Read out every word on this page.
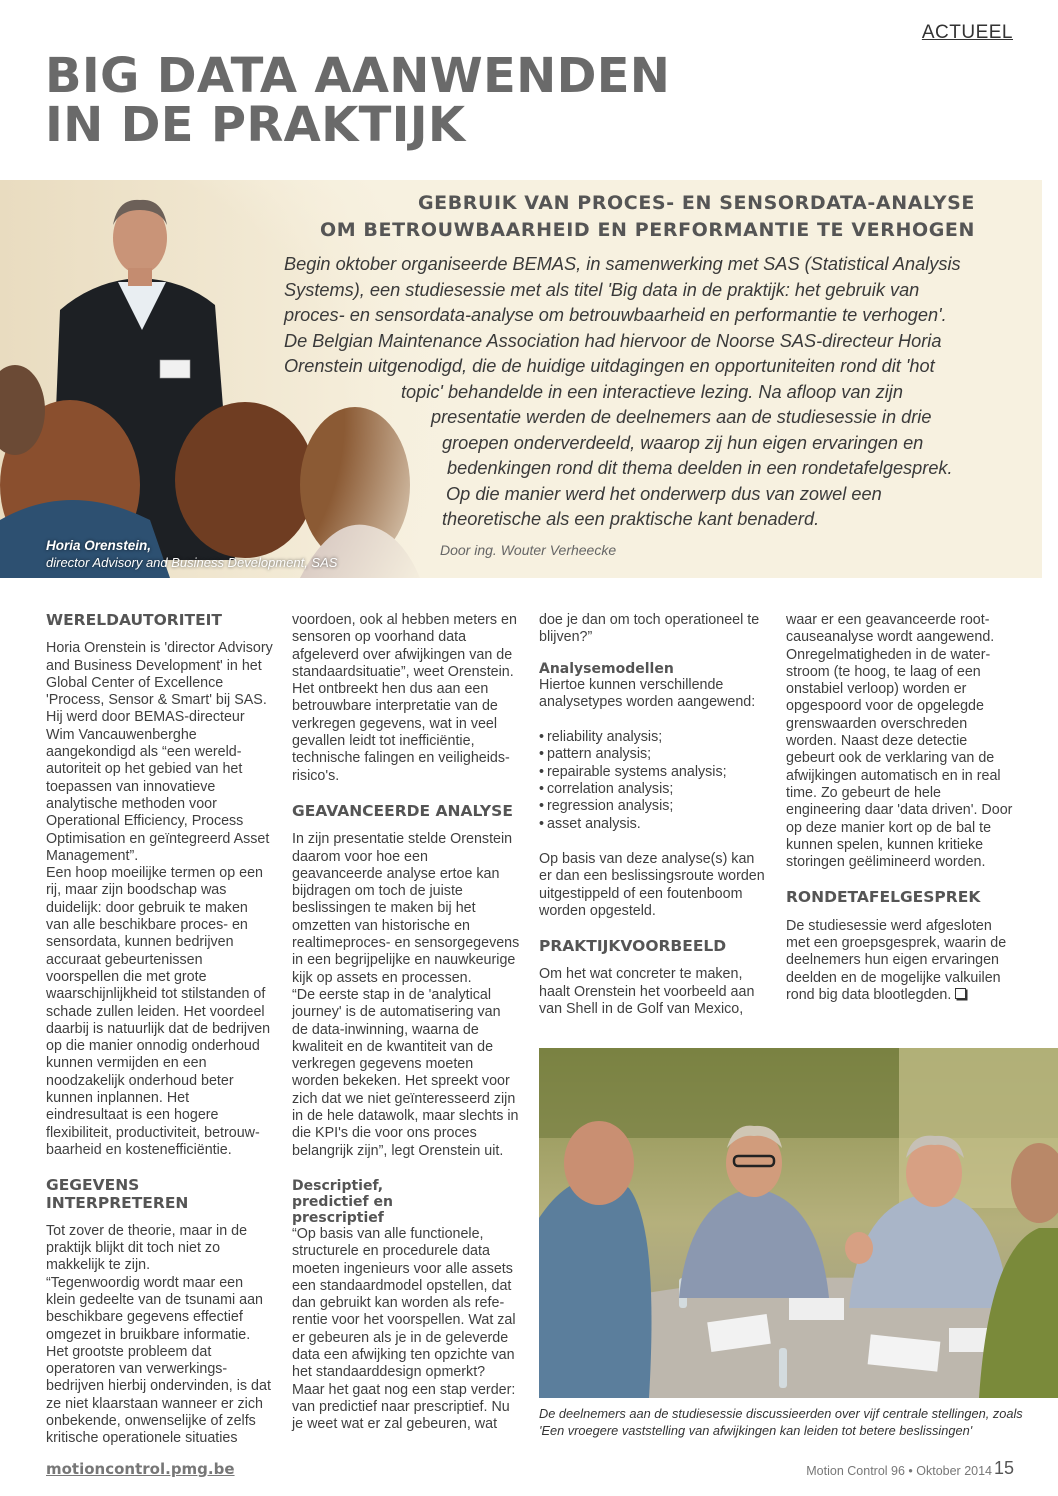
ACTUEEL
BIG DATA AANWENDEN
IN DE PRAKTIJK
Horia Orenstein,
director Advisory and Business Development, SAS
GEBRUIK VAN PROCES- EN SENSORDATA-ANALYSE
OM BETROUWBAARHEID EN PERFORMANTIE TE VERHOGEN
Begin oktober organiseerde BEMAS, in samenwerking met SAS (Statistical Analysis
Systems), een studiesessie met als titel 'Big data in de praktijk: het gebruik van
proces- en sensordata-analyse om betrouwbaarheid en performantie te verhogen'.
De Belgian Maintenance Association had hiervoor de Noorse SAS-directeur Horia
Orenstein uitgenodigd, die de huidige uitdagingen en opportuniteiten rond dit 'hot
topic' behandelde in een interactieve lezing. Na afloop van zijn
presentatie werden de deelnemers aan de studiesessie in drie
groepen onderverdeeld, waarop zij hun eigen ervaringen en
bedenkingen rond dit thema deelden in een rondetafelgesprek.
Op die manier werd het onderwerp dus van zowel een
theoretische als een praktische kant benaderd.
Door ing. Wouter Verheecke
WERELDAUTORITEIT

Horia Orenstein is 'director Advisory and Business Development' in het Global Center of Excellence 'Process, Sensor & Smart' bij SAS. Hij werd door BEMAS-directeur Wim Vancauwenberghe aangekondigd als “een wereldautoriteit op het gebied van het toepassen van innovatieve analytische methoden voor Operational Efficiency, Process Optimisation en geïntegreerd Asset Management”.

Een hoop moeilijke termen op een rij, maar zijn boodschap was duidelijk: door gebruik te maken van alle beschikbare proces- en sensordata, kunnen bedrijven accuraat gebeurtenissen voorspellen die met grote waarschijnlijkheid tot stilstanden of schade zullen leiden. Het voordeel daarbij is natuurlijk dat de bedrijven op die manier onnodig onderhoud kunnen vermijden en een noodzakelijk onderhoud beter kunnen inplannen. Het eindresultaat is een hogere flexibiliteit, productiviteit, betrouwbaarheid en kostenefficiëntie.

GEGEVENS INTERPRETEREN

Tot zover de theorie, maar in de praktijk blijkt dit toch niet zo makkelijk te zijn.

“Tegenwoordig wordt maar een klein gedeelte van de tsunami aan beschikbare gegevens effectief omgezet in bruikbare informatie. Het grootste probleem dat operatoren van verwerkingsbedrijven hierbij ondervinden, is dat ze niet klaarstaan wanneer er zich onbekende, onwenselijke of zelfs kritische operationele situaties

voordoen, ook al hebben meters en sensoren op voorhand data afgeleverd over afwijkingen van de standaardsituatie”, weet Orenstein. Het ontbreekt hen dus aan een betrouwbare interpretatie van de verkregen gegevens, wat in veel gevallen leidt tot inefficiëntie, technische falingen en veiligheidsrisico's.

GEAVANCEERDE ANALYSE

In zijn presentatie stelde Orenstein daarom voor hoe een geavanceerde analyse ertoe kan bijdragen om toch de juiste beslissingen te maken bij het omzetten van historische en realtimeproces- en sensorgegevens in een begrijpelijke en nauwkeurige kijk op assets en processen.

“De eerste stap in de 'analytical journey' is de automatisering van de data-inwinning, waarna de kwaliteit en de kwantiteit van de verkregen gegevens moeten worden bekeken. Het spreekt voor zich dat we niet geïnteresseerd zijn in de hele datawolk, maar slechts in die KPI's die voor ons proces belangrijk zijn”, legt Orenstein uit.

Descriptief, predictief en prescriptief

“Op basis van alle functionele, structurele en procedurele data moeten ingenieurs voor alle assets een standaardmodel opstellen, dat dan gebruikt kan worden als referentie voor het voorspellen. Wat zal er gebeuren als je in de geleverde data een afwijking ten opzichte van het standaarddesign opmerkt? Maar het gaat nog een stap verder: van predictief naar prescriptief. Nu je weet wat er zal gebeuren, wat

doe je dan om toch operationeel te blijven?”

Analysemodellen

Hiertoe kunnen verschillende analysetypes worden aangewend:

• reliability analysis;
• pattern analysis;
• repairable systems analysis;
• correlation analysis;
• regression analysis;
• asset analysis.

Op basis van deze analyse(s) kan er dan een beslissingsroute worden uitgestippeld of een foutenboom worden opgesteld.

PRAKTIJKVOORBEELD

Om het wat concreter te maken, haalt Orenstein het voorbeeld aan van Shell in de Golf van Mexico,

waar er een geavanceerde root-causeanalyse wordt aangewend. Onregelmatigheden in de waterstroom (te hoog, te laag of een onstabiel verloop) worden er opgespoord voor de opgelegde grenswaarden overschreden worden. Naast deze detectie gebeurt ook de verklaring van de afwijkingen automatisch en in real time. Zo gebeurt de hele engineering daar 'data driven'. Door op deze manier kort op de bal te kunnen spelen, kunnen kritieke storingen geëlimineerd worden.

RONDETAFELGESPREK

De studiesessie werd afgesloten met een groepsgesprek, waarin de deelnemers hun eigen ervaringen deelden en de mogelijke valkuilen rond big data blootlegden.

De deelnemers aan de studiesessie discussieerden over vijf centrale stellingen, zoals 'Een vroegere vaststelling van afwijkingen kan leiden tot betere beslissingen'
motioncontrol.pmg.be	Motion Control 96 • Oktober 2014 15
